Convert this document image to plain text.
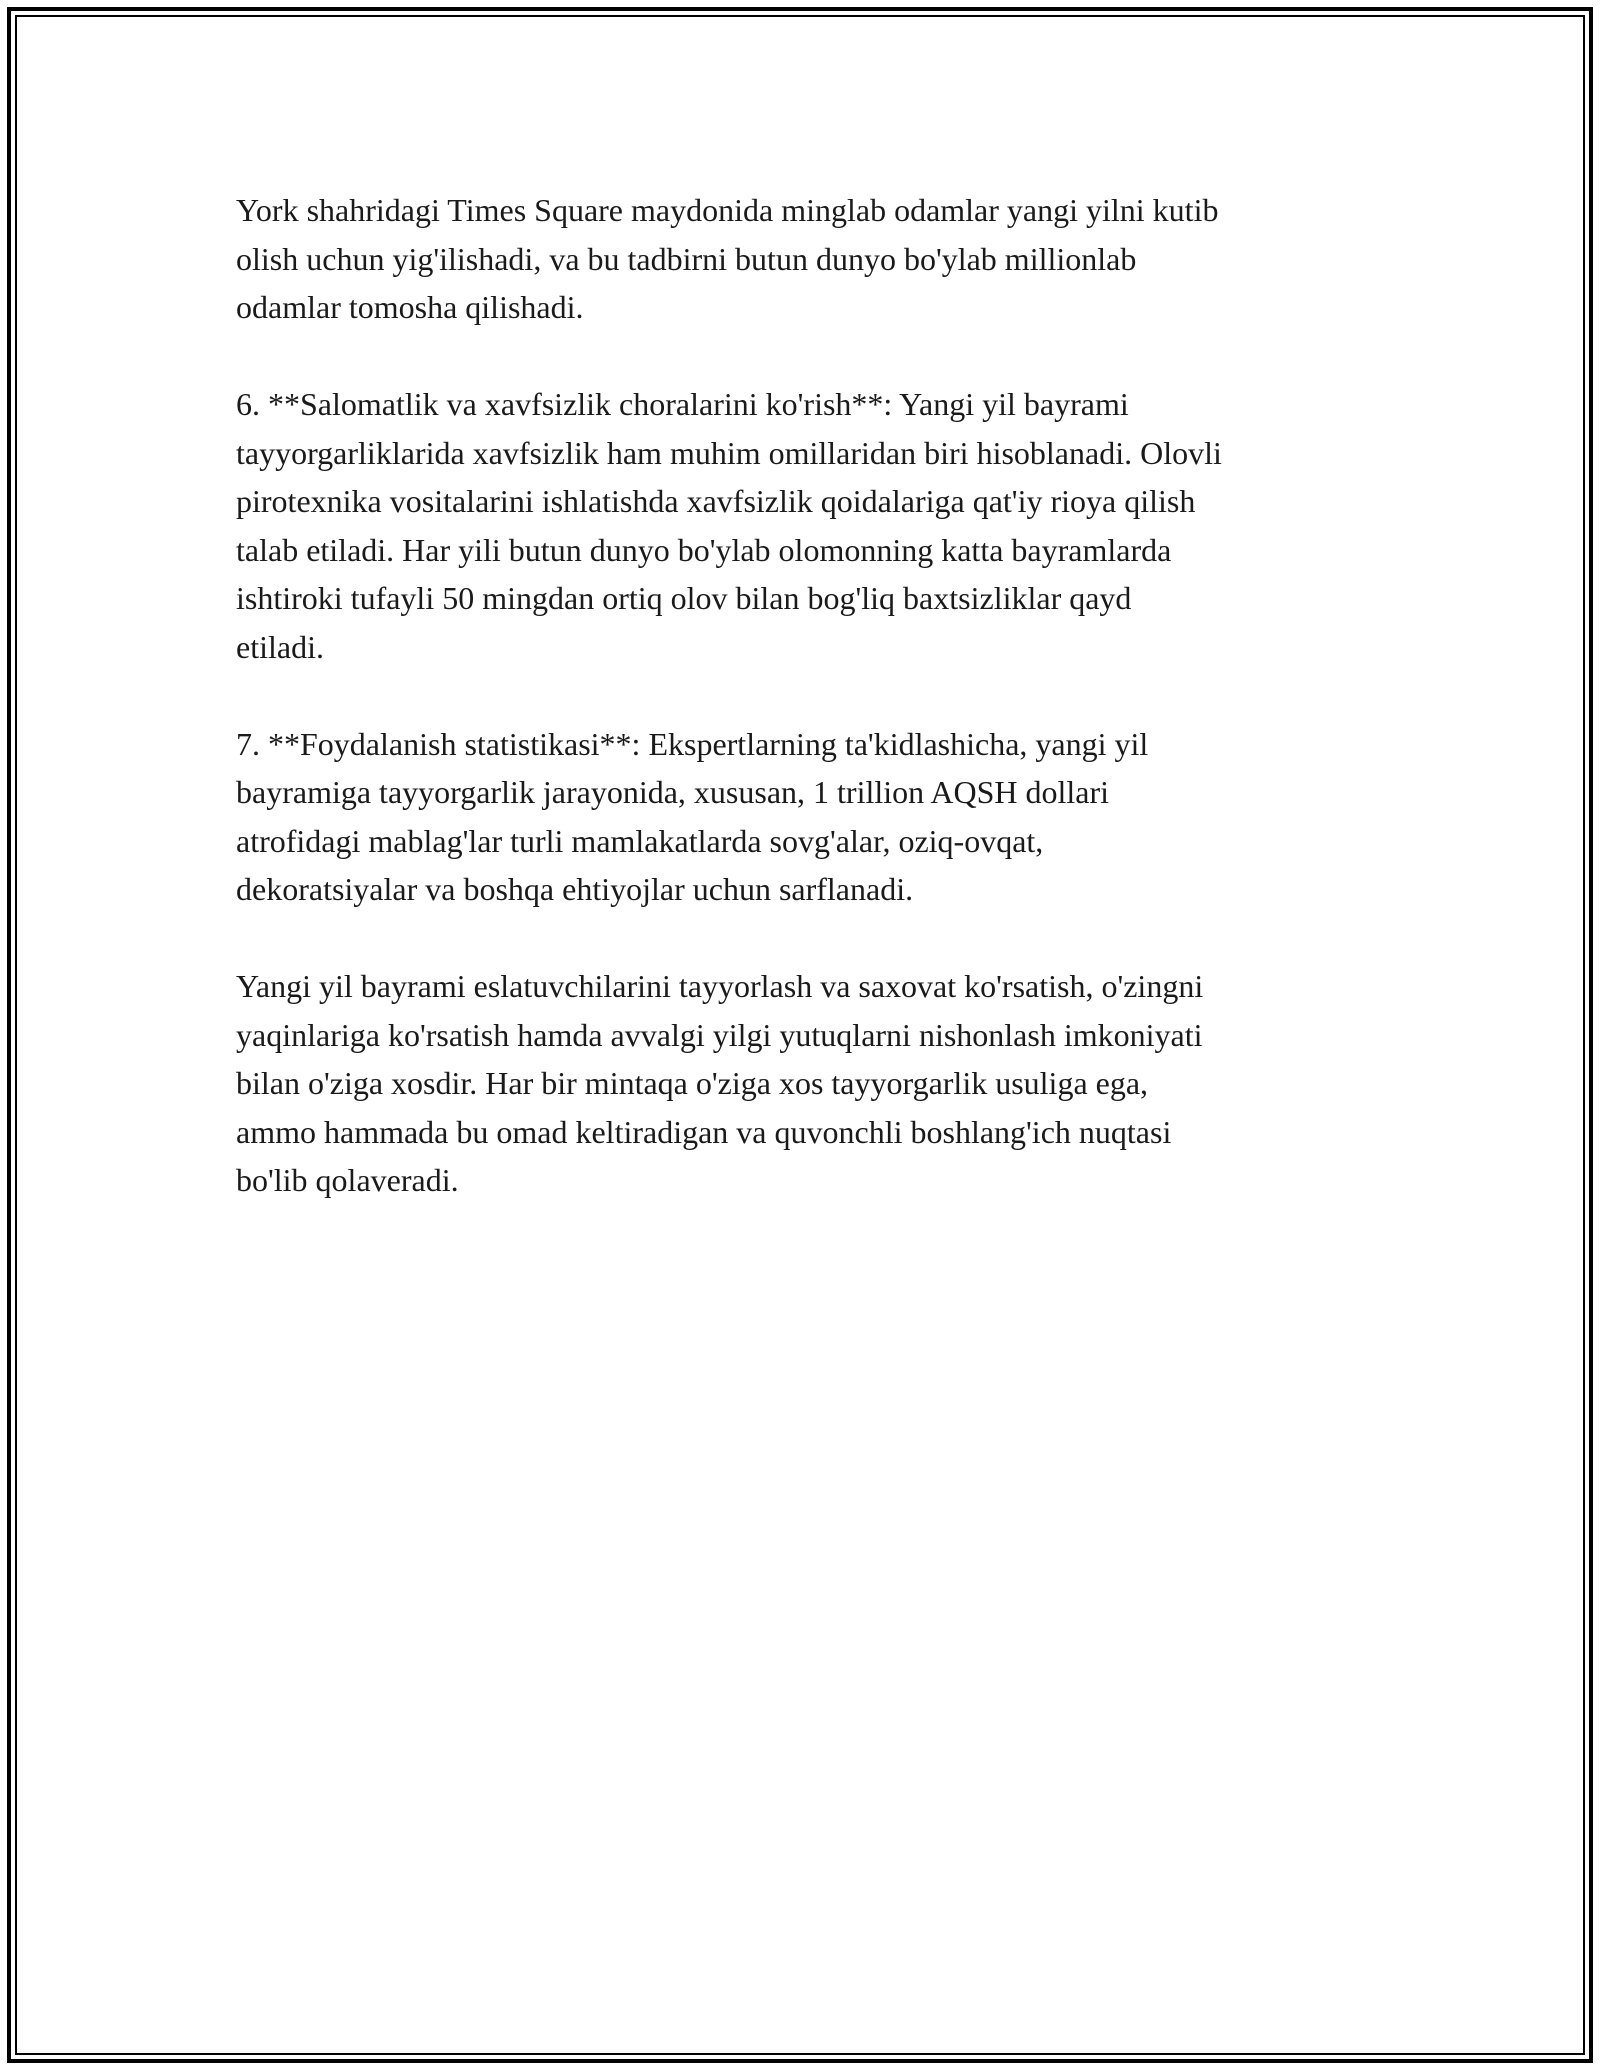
York shahridagi Times Square maydonida minglab odamlar yangi yilni kutib
olish uchun yig'ilishadi, va bu tadbirni butun dunyo bo'ylab millionlab
odamlar tomosha qilishadi.

6. **Salomatlik va xavfsizlik choralarini ko'rish**: Yangi yil bayrami
tayyorgarliklarida xavfsizlik ham muhim omillaridan biri hisoblanadi. Olovli
pirotexnika vositalarini ishlatishda xavfsizlik qoidalariga qat'iy rioya qilish
talab etiladi. Har yili butun dunyo bo'ylab olomonning katta bayramlarda
ishtiroki tufayli 50 mingdan ortiq olov bilan bog'liq baxtsizliklar qayd
etiladi.

7. **Foydalanish statistikasi**: Ekspertlarning ta'kidlashicha, yangi yil
bayramiga tayyorgarlik jarayonida, xususan, 1 trillion AQSH dollari
atrofidagi mablag'lar turli mamlakatlarda sovg'alar, oziq-ovqat,
dekoratsiyalar va boshqa ehtiyojlar uchun sarflanadi.

Yangi yil bayrami eslatuvchilarini tayyorlash va saxovat ko'rsatish, o'zingni
yaqinlariga ko'rsatish hamda avvalgi yilgi yutuqlarni nishonlash imkoniyati
bilan o'ziga xosdir. Har bir mintaqa o'ziga xos tayyorgarlik usuliga ega,
ammo hammada bu omad keltiradigan va quvonchli boshlang'ich nuqtasi
bo'lib qolaveradi.
